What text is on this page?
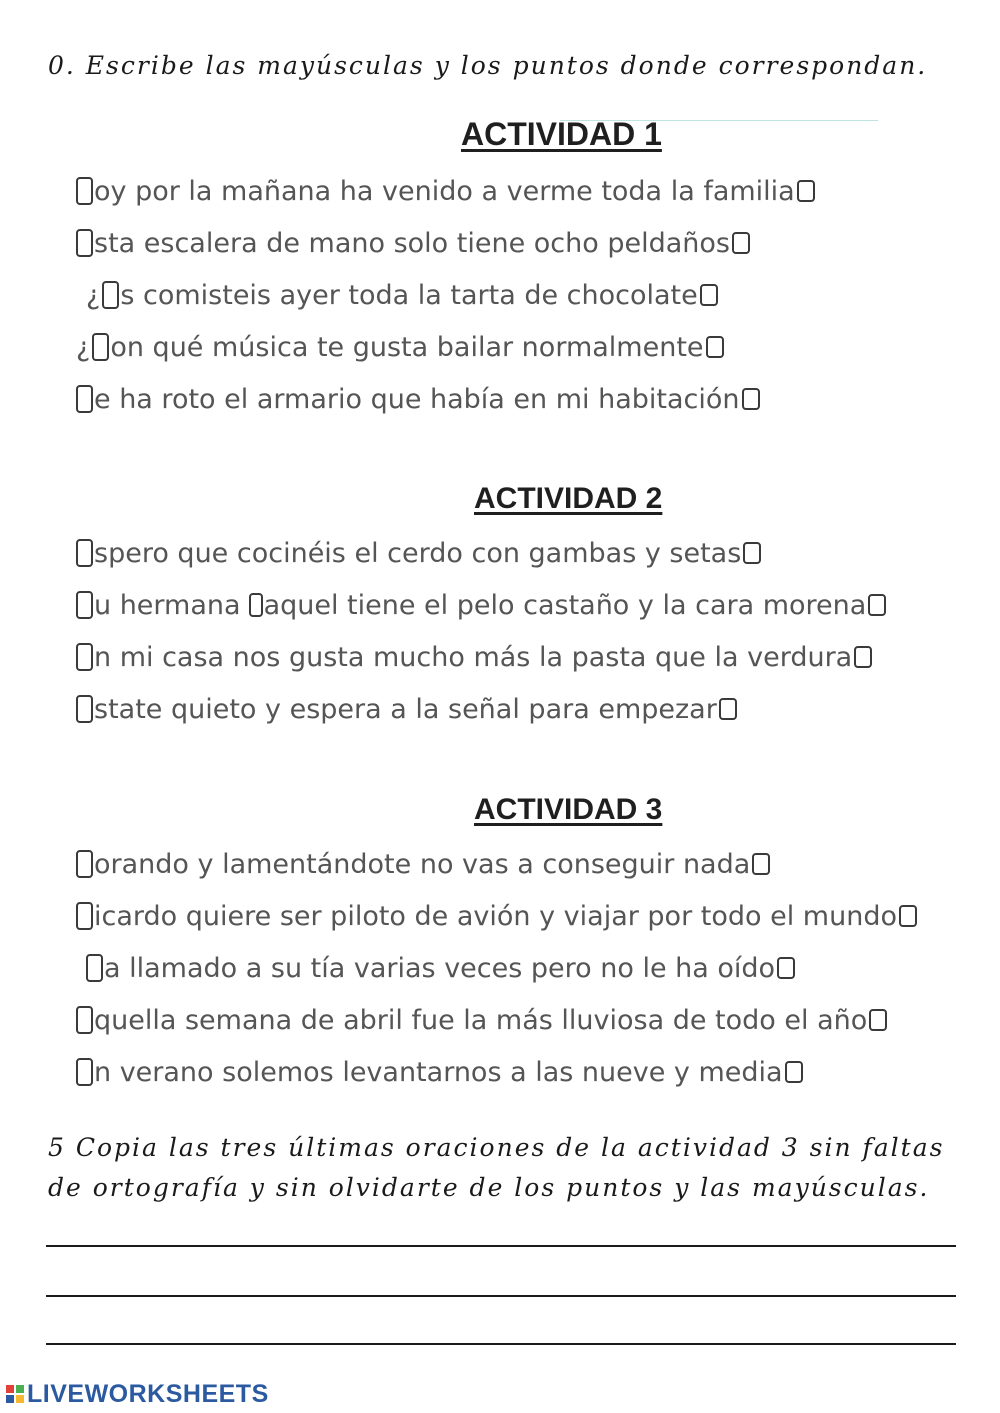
0. Escribe las mayúsculas y los puntos donde correspondan.

ACTIVIDAD 1
oy por la mañana ha venido a verme toda la familia
sta escalera de mano solo tiene ocho peldaños
¿ s comisteis ayer toda la tarta de chocolate
¿ on qué música te gusta bailar normalmente
e ha roto el armario que había en mi habitación
ACTIVIDAD 2
spero que cocinéis el cerdo con gambas y setas
u hermana aquel tiene el pelo castaño y la cara morena
n mi casa nos gusta mucho más la pasta que la verdura
state quieto y espera a la señal para empezar
ACTIVIDAD 3
orando y lamentándote no vas a conseguir nada
icardo quiere ser piloto de avión y viajar por todo el mundo
a llamado a su tía varias veces pero no le ha oído
quella semana de abril fue la más lluviosa de todo el año
n verano solemos levantarnos a las nueve y media

5 Copia las tres últimas oraciones de la actividad 3 sin faltas de ortografía y sin olvidarte de los puntos y las mayúsculas.

LIVEWORKSHEETS
